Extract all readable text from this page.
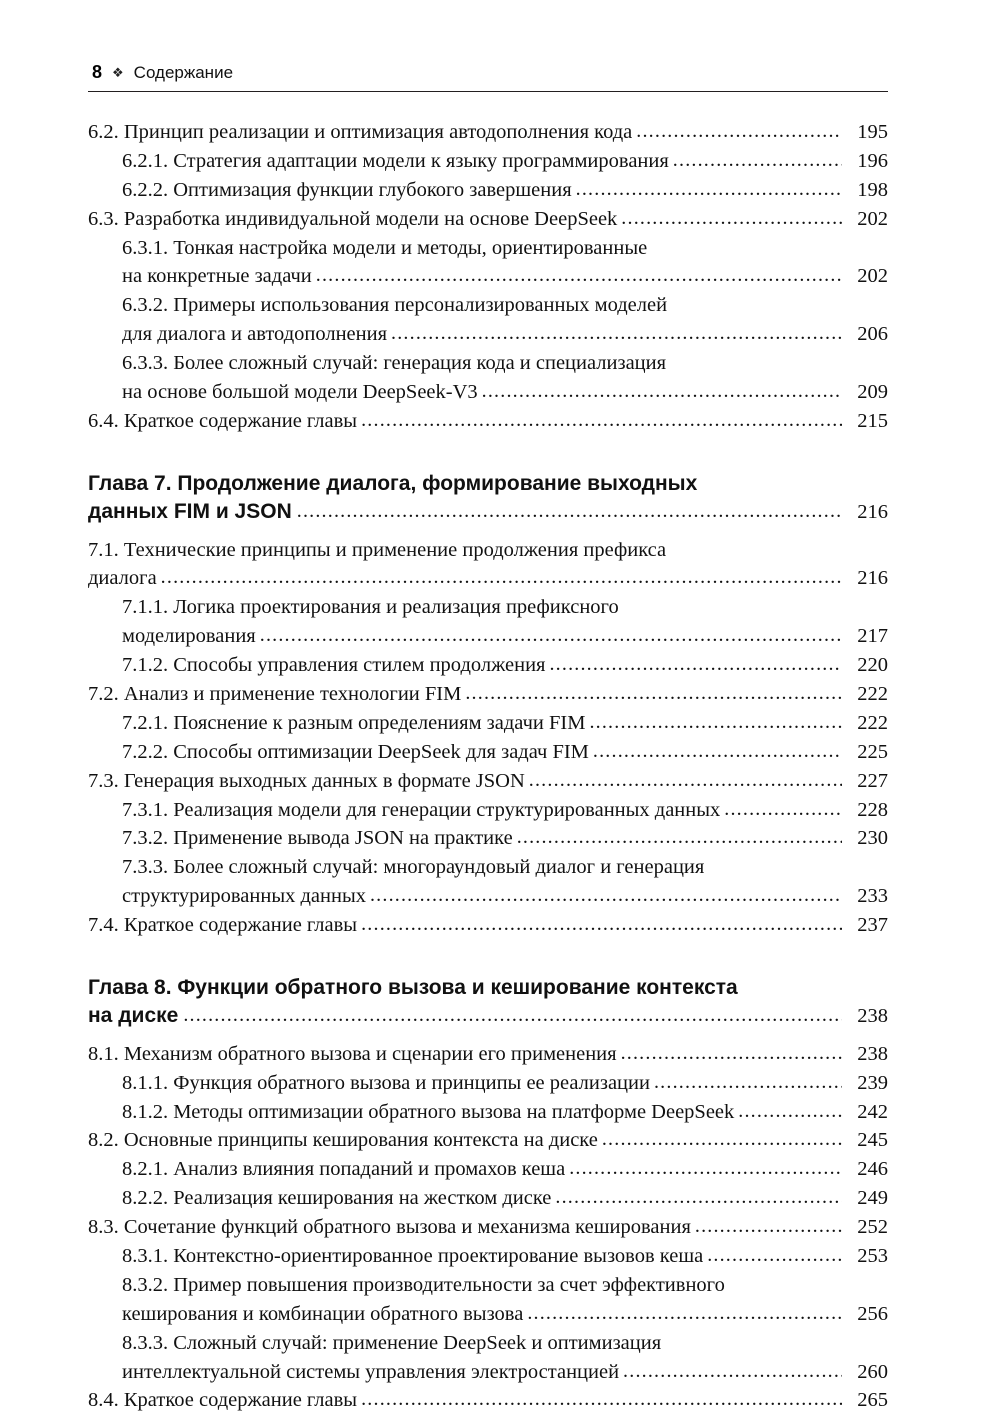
8 ❖ Содержание
6.2. Принцип реализации и оптимизация автодополнения кода .....	195
6.2.1. Стратегия адаптации модели к языку программирования .....	196
6.2.2. Оптимизация функции глубокого завершения .....	198
6.3. Разработка индивидуальной модели на основе DeepSeek .....	202
6.3.1. Тонкая настройка модели и методы, ориентированные
на конкретные задачи .....	202
6.3.2. Примеры использования персонализированных моделей
для диалога и автодополнения .....	206
6.3.3. Более сложный случай: генерация кода и специализация
на основе большой модели DeepSeek-V3 .....	209
6.4. Краткое содержание главы .....	215
Глава 7. Продолжение диалога, формирование выходных
данных FIM и JSON .....	216
7.1. Технические принципы и применение продолжения префикса
диалога .....	216
7.1.1. Логика проектирования и реализация префиксного
моделирования .....	217
7.1.2. Способы управления стилем продолжения .....	220
7.2. Анализ и применение технологии FIM .....	222
7.2.1. Пояснение к разным определениям задачи FIM .....	222
7.2.2. Способы оптимизации DeepSeek для задач FIM .....	225
7.3. Генерация выходных данных в формате JSON .....	227
7.3.1. Реализация модели для генерации структурированных данных .....	228
7.3.2. Применение вывода JSON на практике .....	230
7.3.3. Более сложный случай: многораундовый диалог и генерация
структурированных данных .....	233
7.4. Краткое содержание главы .....	237
Глава 8. Функции обратного вызова и кеширование контекста
на диске .....	238
8.1. Механизм обратного вызова и сценарии его применения .....	238
8.1.1. Функция обратного вызова и принципы ее реализации .....	239
8.1.2. Методы оптимизации обратного вызова на платформе DeepSeek .....	242
8.2. Основные принципы кеширования контекста на диске .....	245
8.2.1. Анализ влияния попаданий и промахов кеша .....	246
8.2.2. Реализация кеширования на жестком диске .....	249
8.3. Сочетание функций обратного вызова и механизма кеширования .....	252
8.3.1. Контекстно-ориентированное проектирование вызовов кеша .....	253
8.3.2. Пример повышения производительности за счет эффективного
кеширования и комбинации обратного вызова .....	256
8.3.3. Сложный случай: применение DeepSeek и оптимизация
интеллектуальной системы управления электростанцией .....	260
8.4. Краткое содержание главы .....	265
